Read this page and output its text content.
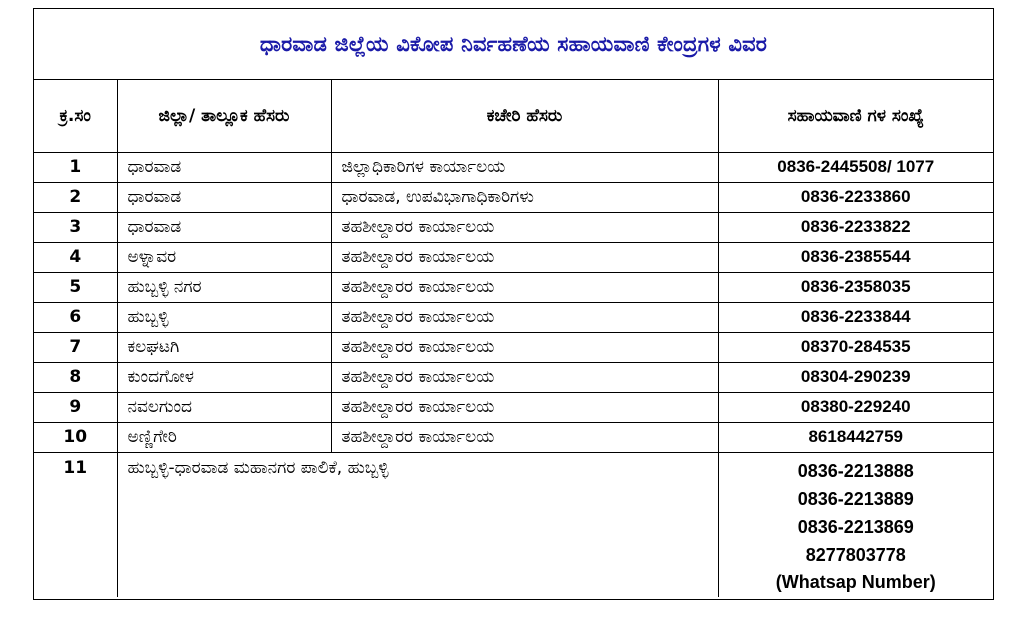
ಧಾರವಾಡ ಜಿಲ್ಲೆಯ ವಿಕೋಪ ನಿರ್ವಹಣೆಯ ಸಹಾಯವಾಣಿ ಕೇಂದ್ರಗಳ ವಿವರ
ಕ್ರ.ಸಂ	ಜಿಲ್ಲಾ/ ತಾಲ್ಲೂಕ ಹೆಸರು	ಕಚೇರಿ ಹೆಸರು	ಸಹಾಯವಾಣಿ ಗಳ ಸಂಖ್ಯೆ
1	ಧಾರವಾಡ	ಜಿಲ್ಲಾಧಿಕಾರಿಗಳ ಕಾರ್ಯಾಲಯ	0836-2445508/ 1077
2	ಧಾರವಾಡ	ಧಾರವಾಡ, ಉಪವಿಭಾಗಾಧಿಕಾರಿಗಳು	0836-2233860
3	ಧಾರವಾಡ	ತಹಶೀಲ್ದಾರರ ಕಾರ್ಯಾಲಯ	0836-2233822
4	ಅಳ್ನಾವರ	ತಹಶೀಲ್ದಾರರ ಕಾರ್ಯಾಲಯ	0836-2385544
5	ಹುಬ್ಬಳ್ಳಿ ನಗರ	ತಹಶೀಲ್ದಾರರ ಕಾರ್ಯಾಲಯ	0836-2358035
6	ಹುಬ್ಬಳ್ಳಿ	ತಹಶೀಲ್ದಾರರ ಕಾರ್ಯಾಲಯ	0836-2233844
7	ಕಲಘಟಗಿ	ತಹಶೀಲ್ದಾರರ ಕಾರ್ಯಾಲಯ	08370-284535
8	ಕುಂದಗೋಳ	ತಹಶೀಲ್ದಾರರ ಕಾರ್ಯಾಲಯ	08304-290239
9	ನವಲಗುಂದ	ತಹಶೀಲ್ದಾರರ ಕಾರ್ಯಾಲಯ	08380-229240
10	ಅಣ್ಣಿಗೇರಿ	ತಹಶೀಲ್ದಾರರ ಕಾರ್ಯಾಲಯ	8618442759
11	ಹುಬ್ಬಳ್ಳಿ-ಧಾರವಾಡ ಮಹಾನಗರ ಪಾಲಿಕೆ, ಹುಬ್ಬಳ್ಳಿ		0836-2213888
0836-2213889
0836-2213869
8277803778
(Whatsap Number)
